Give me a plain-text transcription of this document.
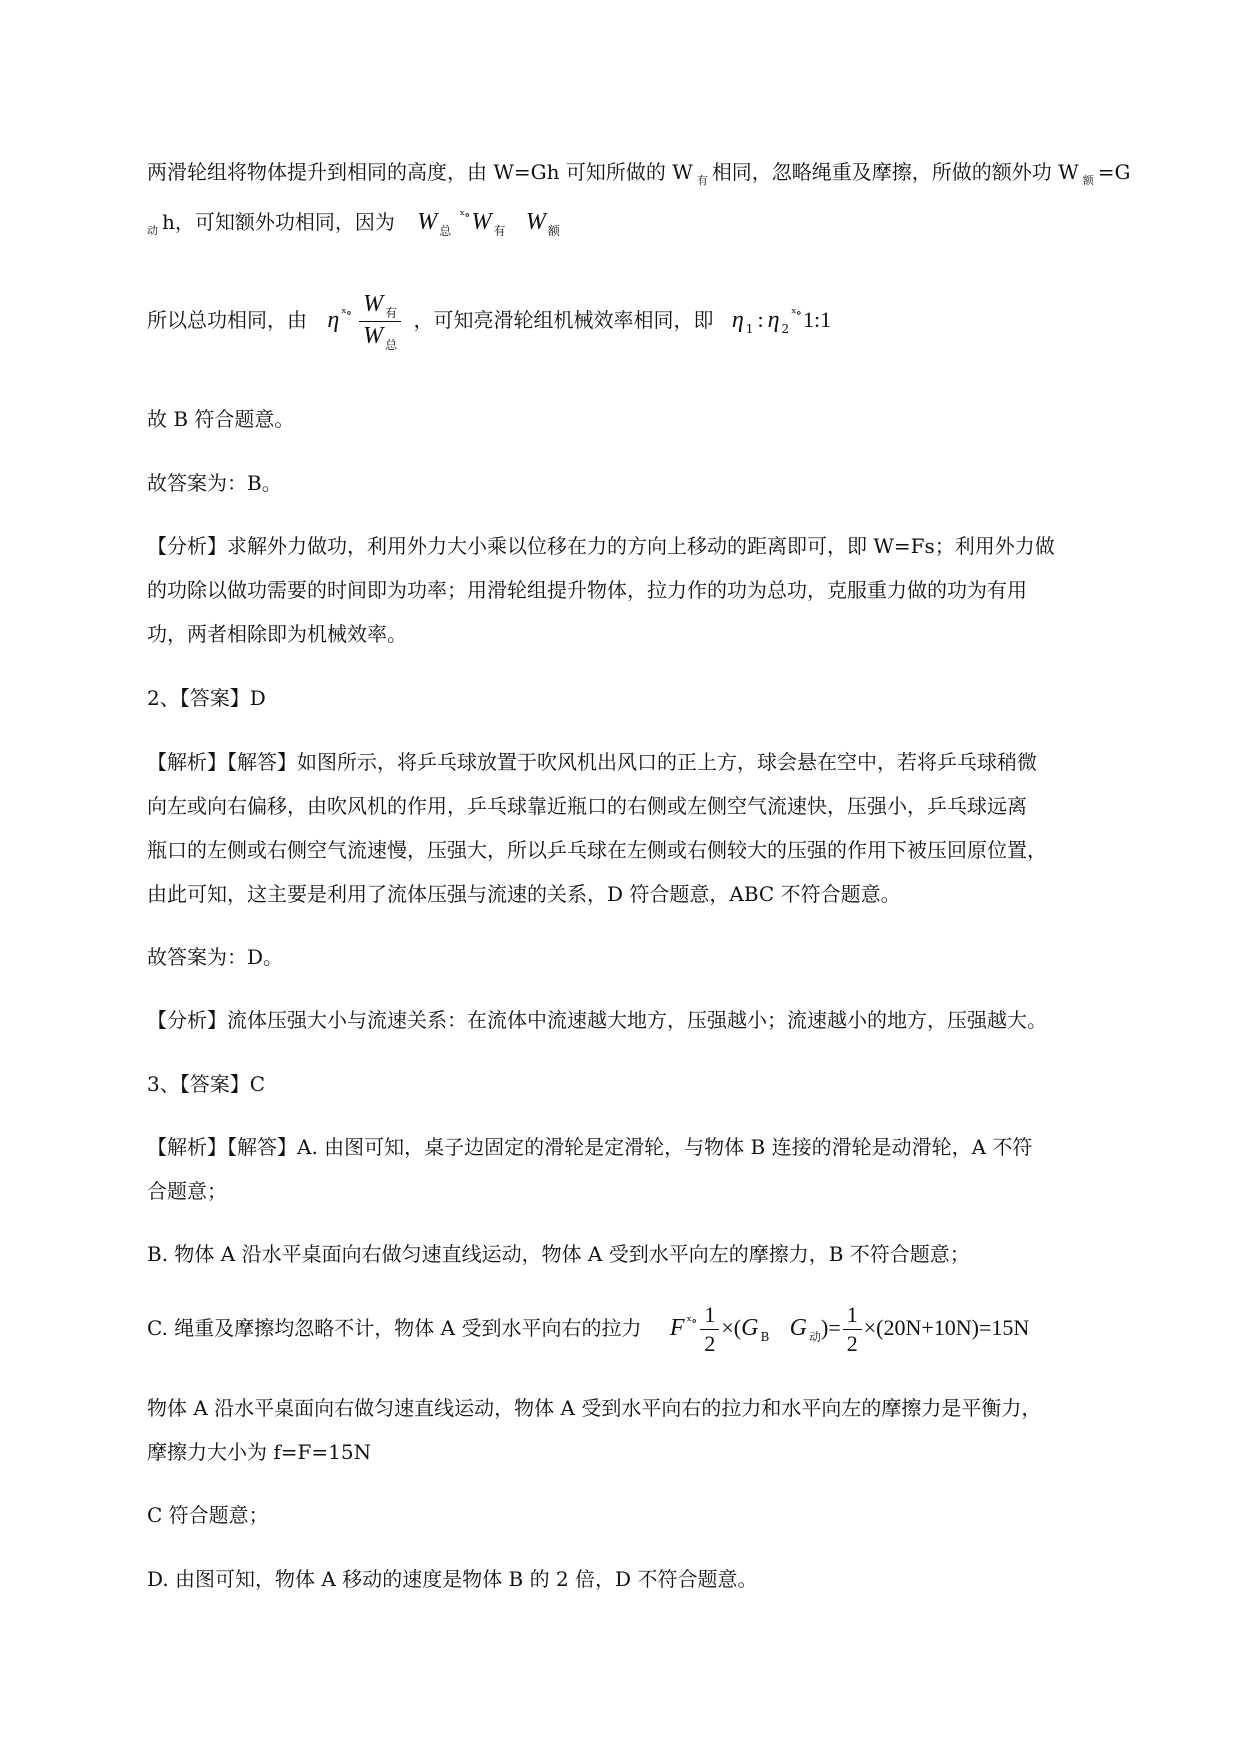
两滑轮组将物体提升到相同的高度，由 W=Gh 可知所做的 W $_有$ 相同，忽略绳重及摩擦，所做的额外功 W $_额$ =G
$_动$ h，可知额外功相同，因为 W $_总$ $^{ˣ\circ}$W $_有$ W $_额$
所以总功相同，由 η $^{ˣ\circ} \frac{W _有}{W _总}$ ，可知亮滑轮组机械效率相同，即 η $_1$ : η $_2^{ˣ\circ}$1:1
故 B 符合题意。
故答案为：B。
【分析】求解外力做功，利用外力大小乘以位移在力的方向上移动的距离即可，即 W=Fs；利用外力做
的功除以做功需要的时间即为功率；用滑轮组提升物体，拉力作的功为总功，克服重力做的功为有用
功，两者相除即为机械效率。
2、【答案】D
【解析】【解答】如图所示，将乒乓球放置于吹风机出风口的正上方，球会悬在空中，若将乒乓球稍微
向左或向右偏移，由吹风机的作用，乒乓球靠近瓶口的右侧或左侧空气流速快，压强小，乒乓球远离
瓶口的左侧或右侧空气流速慢，压强大，所以乒乓球在左侧或右侧较大的压强的作用下被压回原位置，
由此可知，这主要是利用了流体压强与流速的关系，D 符合题意，ABC 不符合题意。
故答案为：D。
【分析】流体压强大小与流速关系：在流体中流速越大地方，压强越小；流速越小的地方，压强越大。
3、【答案】C
【解析】【解答】A. 由图可知，桌子边固定的滑轮是定滑轮，与物体 B 连接的滑轮是动滑轮，A 不符
合题意；
B. 物体 A 沿水平桌面向右做匀速直线运动，物体 A 受到水平向左的摩擦力，B 不符合题意；
C. 绳重及摩擦均忽略不计，物体 A 受到水平向右的拉力 F $^{ˣ\circ} \frac{1}{2} \times(G$ $_B$ G $_动)= \frac{1}{2} \times(20N+10N)=15N$
物体 A 沿水平桌面向右做匀速直线运动，物体 A 受到水平向右的拉力和水平向左的摩擦力是平衡力，
摩擦力大小为 f=F=15N
C 符合题意；
D. 由图可知，物体 A 移动的速度是物体 B 的 2 倍，D 不符合题意。
